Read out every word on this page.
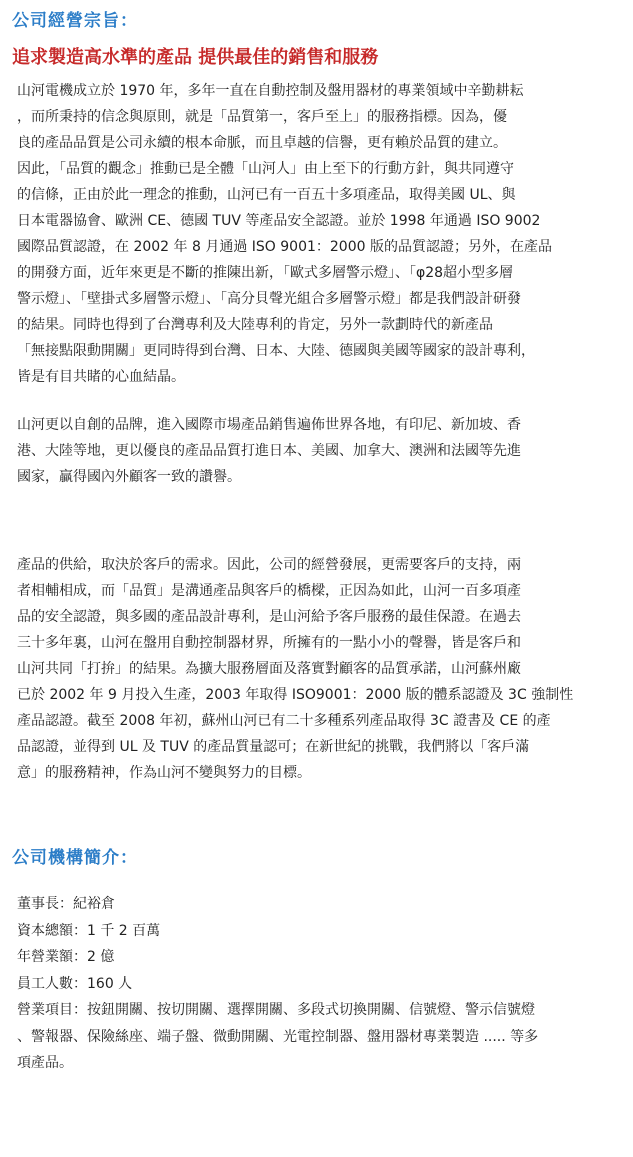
公司經營宗旨：
追求製造高水準的產品 提供最佳的銷售和服務
山河電機成立於 1970 年，多年一直在自動控制及盤用器材的專業領域中辛勤耕耘
，而所秉持的信念與原則，就是「品質第一，客戶至上」的服務指標。因為，優
良的產品品質是公司永續的根本命脈，而且卓越的信譽，更有賴於品質的建立。
因此，「品質的觀念」推動已是全體「山河人」由上至下的行動方針，與共同遵守
的信條，正由於此一理念的推動，山河已有一百五十多項產品，取得美國 UL、與
日本電器協會、歐洲 CE、德國 TUV 等產品安全認證。並於 1998 年通過 ISO 9002
國際品質認證，在 2002 年 8 月通過 ISO 9001：2000 版的品質認證；另外，在產品
的開發方面，近年來更是不斷的推陳出新，「歐式多層警示燈」、「φ28超小型多層
警示燈」、「壁掛式多層警示燈」、「高分貝聲光組合多層警示燈」都是我們設計研發
的結果。同時也得到了台灣專利及大陸專利的肯定，另外一款劃時代的新產品
「無接點限動開關」更同時得到台灣、日本、大陸、德國與美國等國家的設計專利，
皆是有目共睹的心血結晶。
山河更以自創的品牌，進入國際市場產品銷售遍佈世界各地，有印尼、新加坡、香
港、大陸等地，更以優良的產品品質打進日本、美國、加拿大、澳洲和法國等先進
國家，贏得國內外顧客一致的讚譽。
產品的供給，取決於客戶的需求。因此，公司的經營發展，更需要客戶的支持，兩
者相輔相成，而「品質」是溝通產品與客戶的橋樑，正因為如此，山河一百多項產
品的安全認證，與多國的產品設計專利，是山河給予客戶服務的最佳保證。在過去
三十多年裏，山河在盤用自動控制器材界，所擁有的一點小小的聲譽，皆是客戶和
山河共同「打拚」的結果。為擴大服務層面及落實對顧客的品質承諾，山河蘇州廠
已於 2002 年 9 月投入生產，2003 年取得 ISO9001：2000 版的體系認證及 3C 強制性
產品認證。截至 2008 年初，蘇州山河已有二十多種系列產品取得 3C 證書及 CE 的產
品認證，並得到 UL 及 TUV 的產品質量認可；在新世紀的挑戰，我們將以「客戶滿
意」的服務精神，作為山河不變與努力的目標。
公司機構簡介：
董事長：紀裕倉
資本總額：1 千 2 百萬
年營業額：2 億
員工人數：160 人
營業項目：按鈕開關、按切開關、選擇開關、多段式切換開關、信號燈、警示信號燈
、警報器、保險絲座、端子盤、微動開關、光電控制器、盤用器材專業製造 ..... 等多
項產品。
